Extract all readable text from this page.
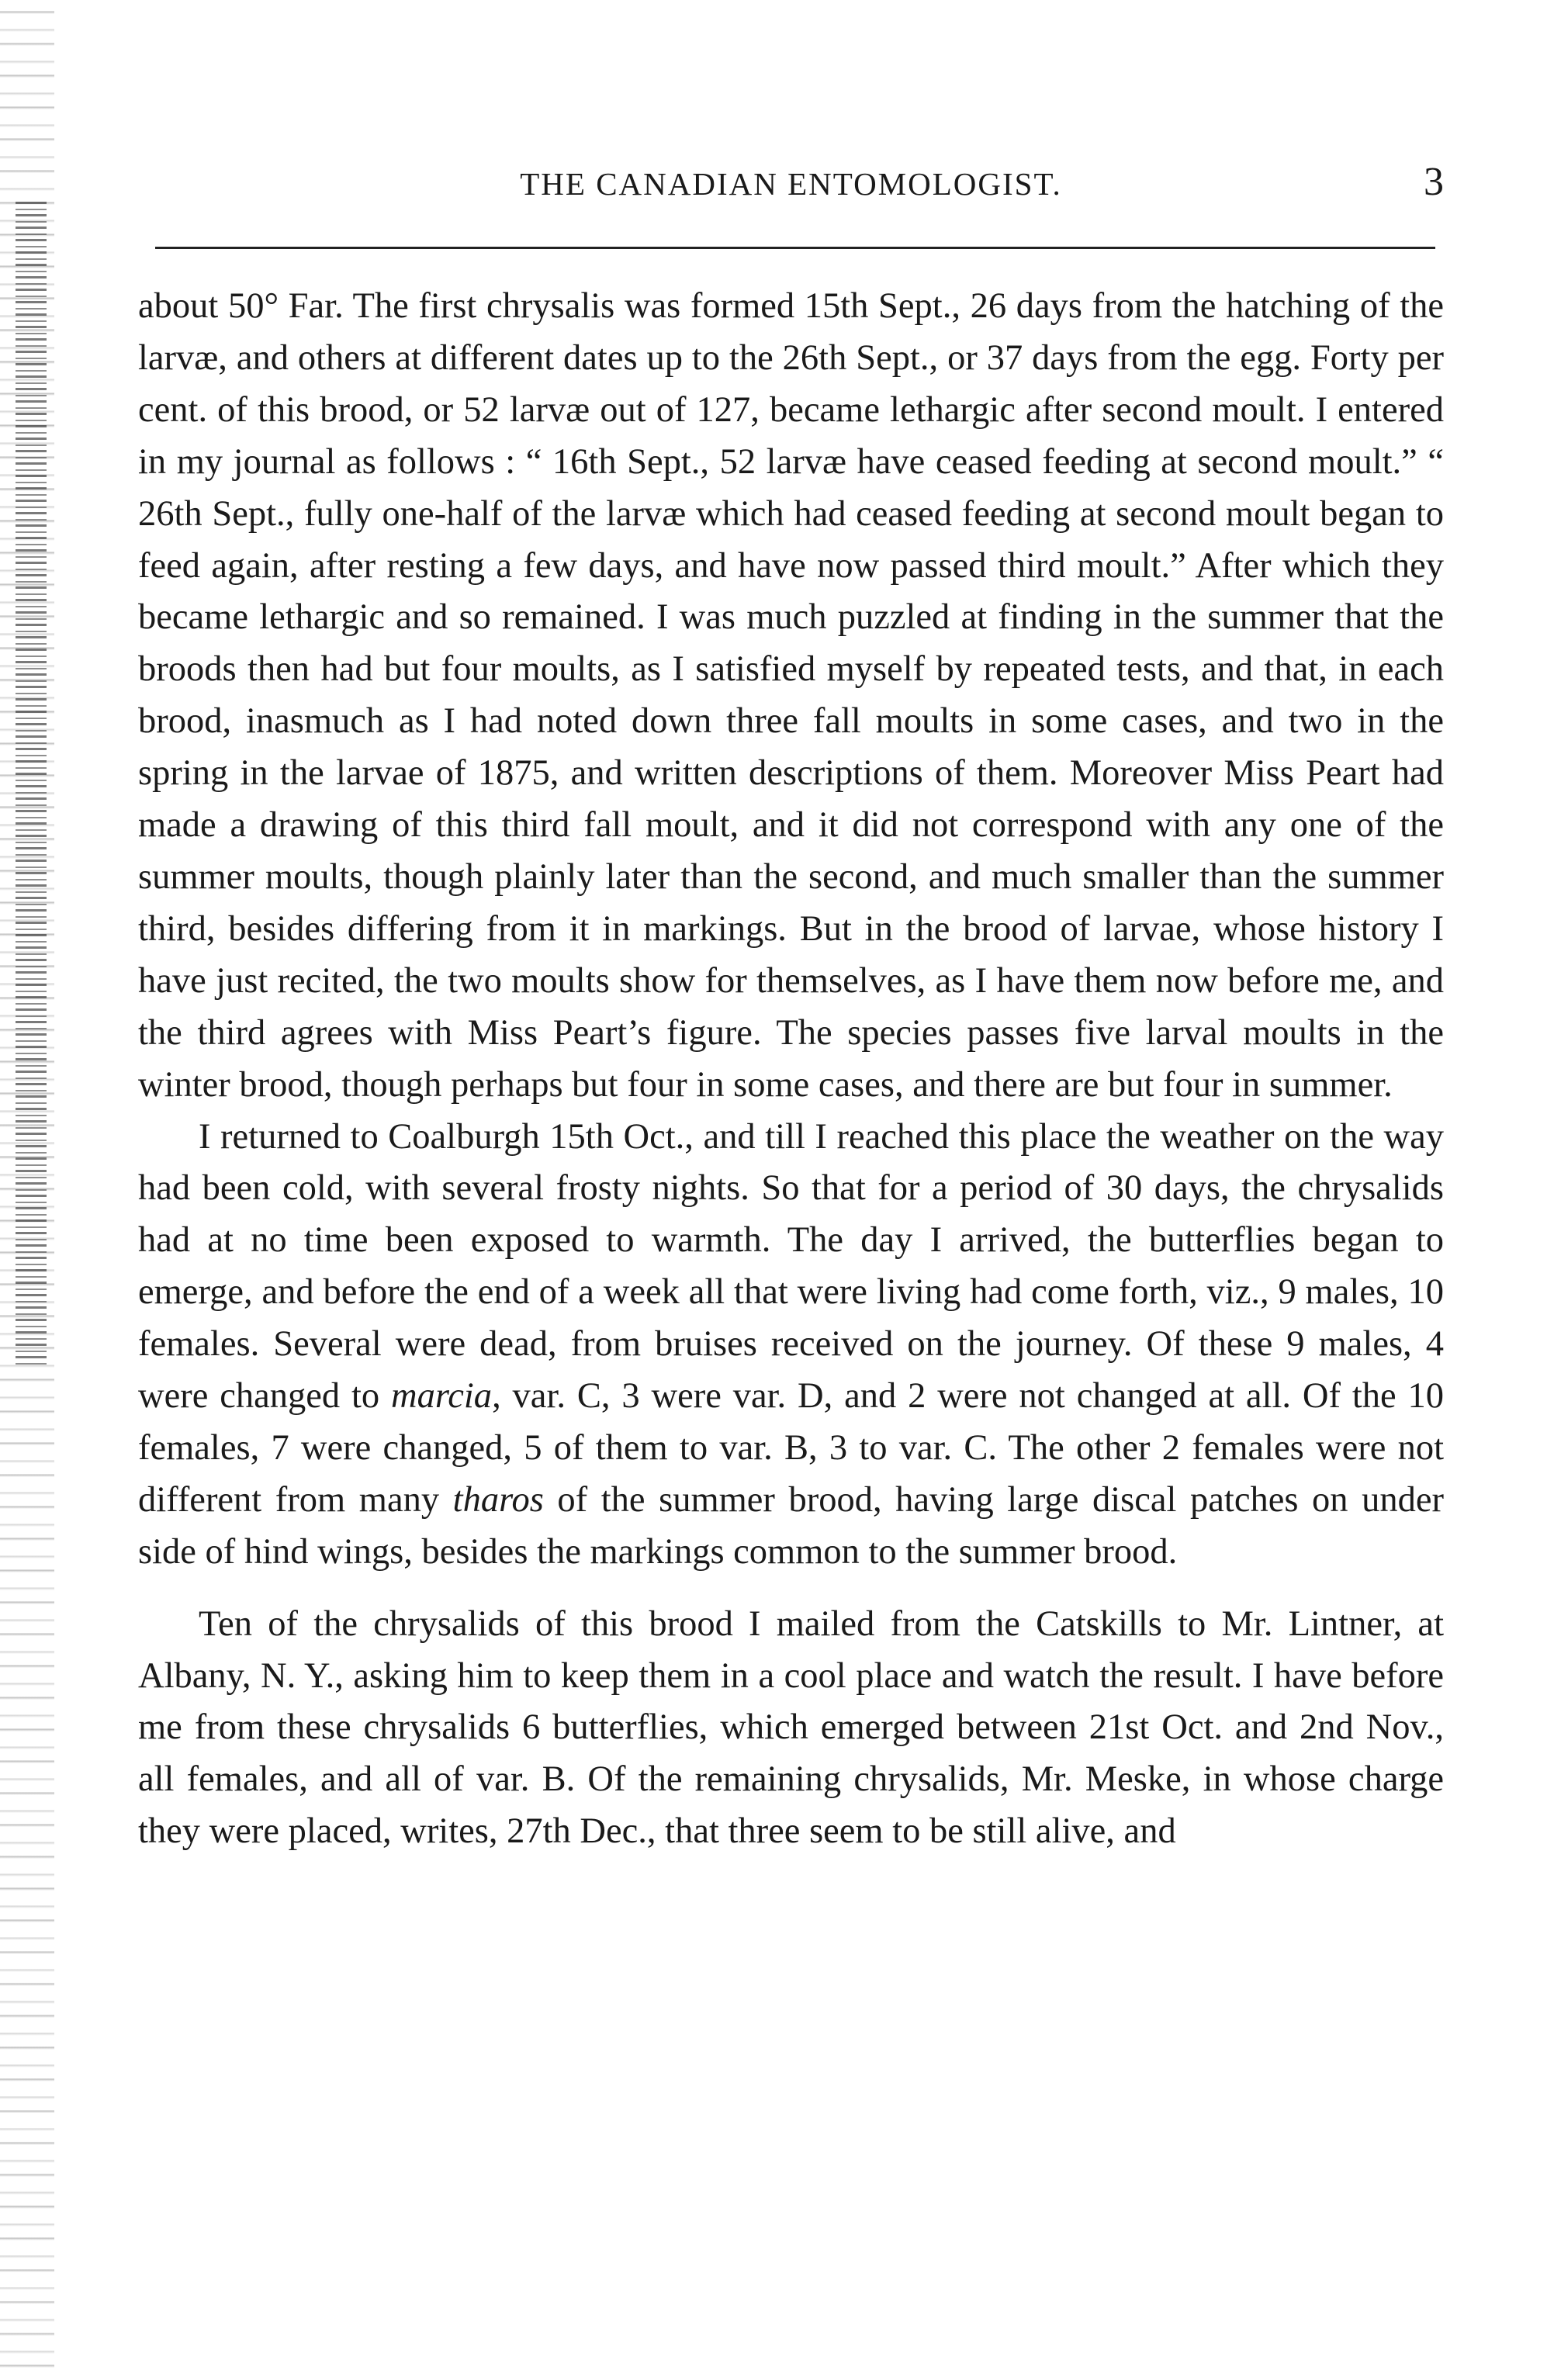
THE CANADIAN ENTOMOLOGIST.	3

about 50° Far. The first chrysalis was formed 15th Sept., 26 days from the hatching of the larvæ, and others at different dates up to the 26th Sept., or 37 days from the egg. Forty per cent. of this brood, or 52 larvæ out of 127, became lethargic after second moult. I entered in my journal as follows : “ 16th Sept., 52 larvæ have ceased feeding at second moult.” “ 26th Sept., fully one-half of the larvæ which had ceased feeding at second moult began to feed again, after resting a few days, and have now passed third moult.” After which they became lethargic and so remained. I was much puzzled at finding in the summer that the broods then had but four moults, as I satisfied myself by repeated tests, and that, in each brood, inasmuch as I had noted down three fall moults in some cases, and two in the spring in the larvae of 1875, and written descriptions of them. Moreover Miss Peart had made a drawing of this third fall moult, and it did not correspond with any one of the summer moults, though plainly later than the second, and much smaller than the summer third, besides differing from it in markings. But in the brood of larvae, whose history I have just recited, the two moults show for themselves, as I have them now before me, and the third agrees with Miss Peart’s figure. The species passes five larval moults in the winter brood, though perhaps but four in some cases, and there are but four in summer.

I returned to Coalburgh 15th Oct., and till I reached this place the weather on the way had been cold, with several frosty nights. So that for a period of 30 days, the chrysalids had at no time been exposed to warmth. The day I arrived, the butterflies began to emerge, and before the end of a week all that were living had come forth, viz., 9 males, 10 females. Several were dead, from bruises received on the journey. Of these 9 males, 4 were changed to marcia, var. C, 3 were var. D, and 2 were not changed at all. Of the 10 females, 7 were changed, 5 of them to var. B, 3 to var. C. The other 2 females were not different from many tharos of the summer brood, having large discal patches on under side of hind wings, besides the markings common to the summer brood.

Ten of the chrysalids of this brood I mailed from the Catskills to Mr. Lintner, at Albany, N. Y., asking him to keep them in a cool place and watch the result. I have before me from these chrysalids 6 butterflies, which emerged between 21st Oct. and 2nd Nov., all females, and all of var. B. Of the remaining chrysalids, Mr. Meske, in whose charge they were placed, writes, 27th Dec., that three seem to be still alive, and
